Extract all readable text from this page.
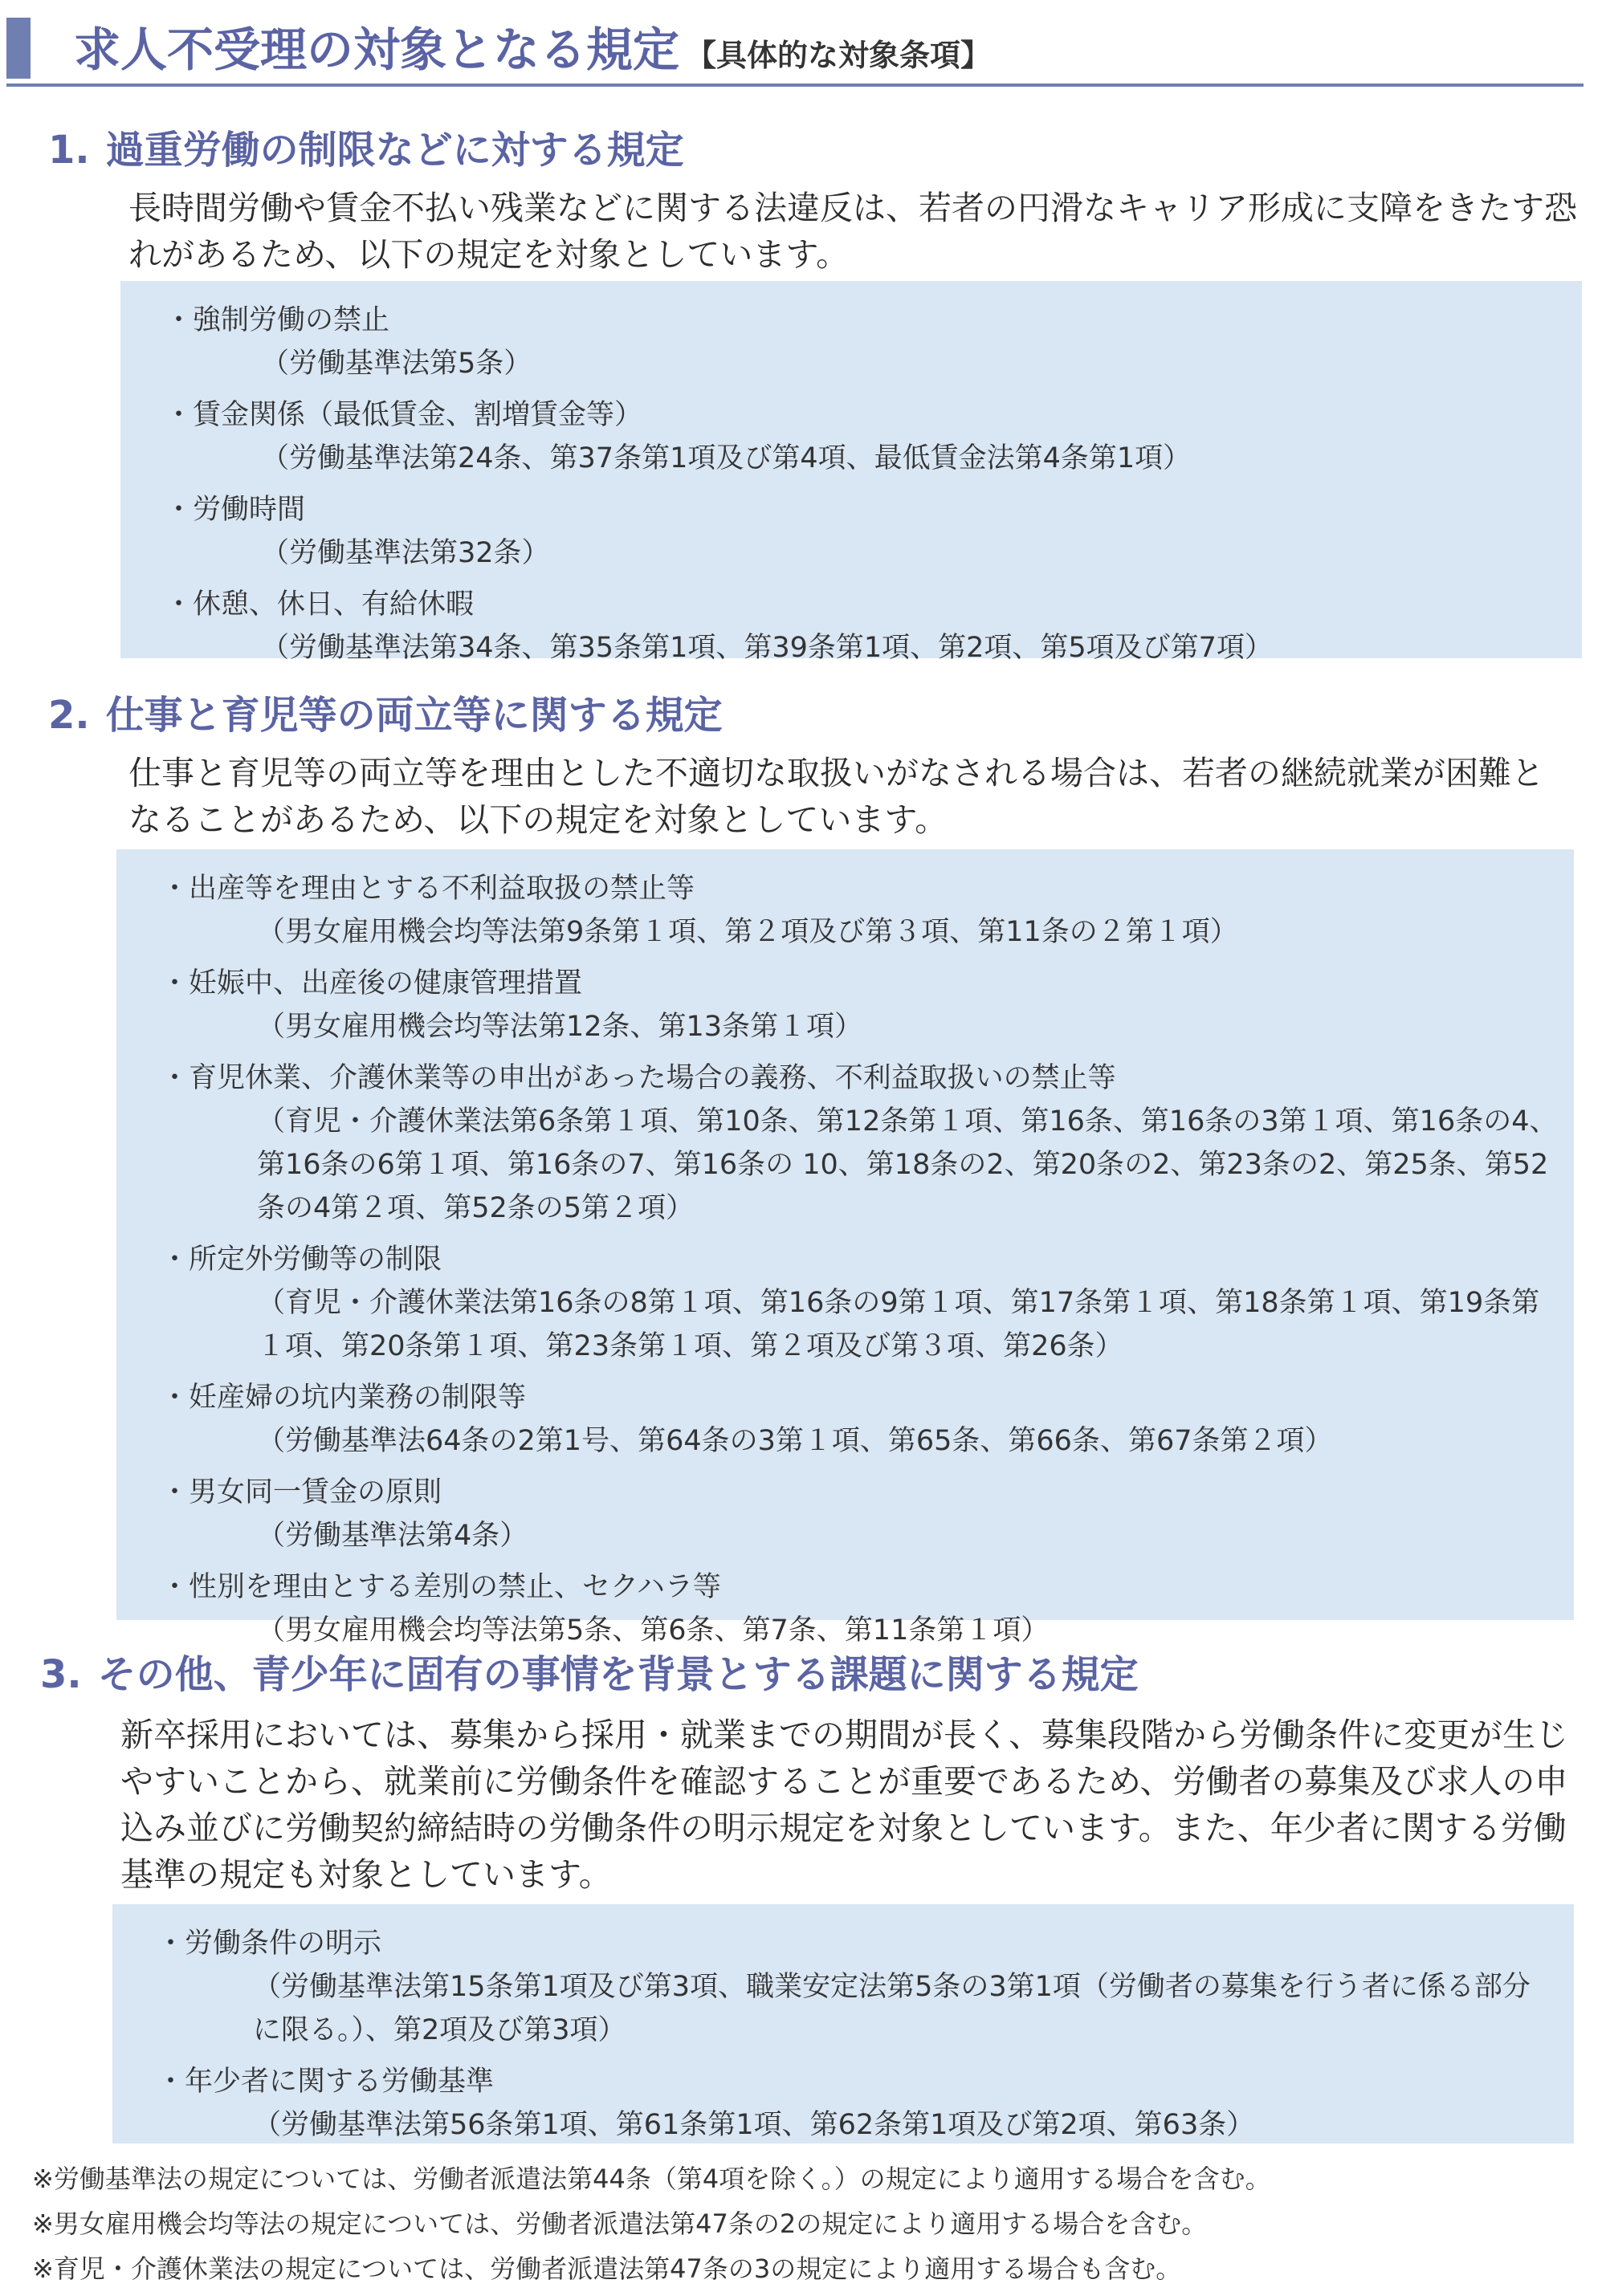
求人不受理の対象となる規定 【具体的な対象条項】
1. 過重労働の制限などに対する規定
長時間労働や賃金不払い残業などに関する法違反は、若者の円滑なキャリア形成に支障をきたす恐れがあるため、以下の規定を対象としています。
・強制労働の禁止
（労働基準法第5条）
・賃金関係（最低賃金、割増賃金等）
（労働基準法第24条、第37条第1項及び第4項、最低賃金法第4条第1項）
・労働時間
（労働基準法第32条）
・休憩、休日、有給休暇
（労働基準法第34条、第35条第1項、第39条第1項、第2項、第5項及び第7項）
2. 仕事と育児等の両立等に関する規定
仕事と育児等の両立等を理由とした不適切な取扱いがなされる場合は、若者の継続就業が困難となることがあるため、以下の規定を対象としています。
・出産等を理由とする不利益取扱の禁止等
（男女雇用機会均等法第9条第１項、第２項及び第３項、第11条の２第１項）
・妊娠中、出産後の健康管理措置
（男女雇用機会均等法第12条、第13条第１項）
・育児休業、介護休業等の申出があった場合の義務、不利益取扱いの禁止等
（育児・介護休業法第6条第１項、第10条、第12条第１項、第16条、第16条の3第１項、第16条の4、第16条の6第１項、第16条の7、第16条の 10、第18条の2、第20条の2、第23条の2、第25条、第52条の4第２項、第52条の5第２項）
・所定外労働等の制限
（育児・介護休業法第16条の8第１項、第16条の9第１項、第17条第１項、第18条第１項、第19条第１項、第20条第１項、第23条第１項、第２項及び第３項、第26条）
・妊産婦の坑内業務の制限等
（労働基準法64条の2第1号、第64条の3第１項、第65条、第66条、第67条第２項）
・男女同一賃金の原則
（労働基準法第4条）
・性別を理由とする差別の禁止、セクハラ等
（男女雇用機会均等法第5条、第6条、第7条、第11条第１項）
3. その他、青少年に固有の事情を背景とする課題に関する規定
新卒採用においては、募集から採用・就業までの期間が長く、募集段階から労働条件に変更が生じやすいことから、就業前に労働条件を確認することが重要であるため、労働者の募集及び求人の申込み並びに労働契約締結時の労働条件の明示規定を対象としています。また、年少者に関する労働基準の規定も対象としています。
・労働条件の明示
（労働基準法第15条第1項及び第3項、職業安定法第5条の3第1項（労働者の募集を行う者に係る部分に限る。）、第2項及び第3項）
・年少者に関する労働基準
（労働基準法第56条第1項、第61条第1項、第62条第1項及び第2項、第63条）
※労働基準法の規定については、労働者派遣法第44条（第4項を除く。）の規定により適用する場合を含む。
※男女雇用機会均等法の規定については、労働者派遣法第47条の2の規定により適用する場合を含む。
※育児・介護休業法の規定については、労働者派遣法第47条の3の規定により適用する場合も含む。
